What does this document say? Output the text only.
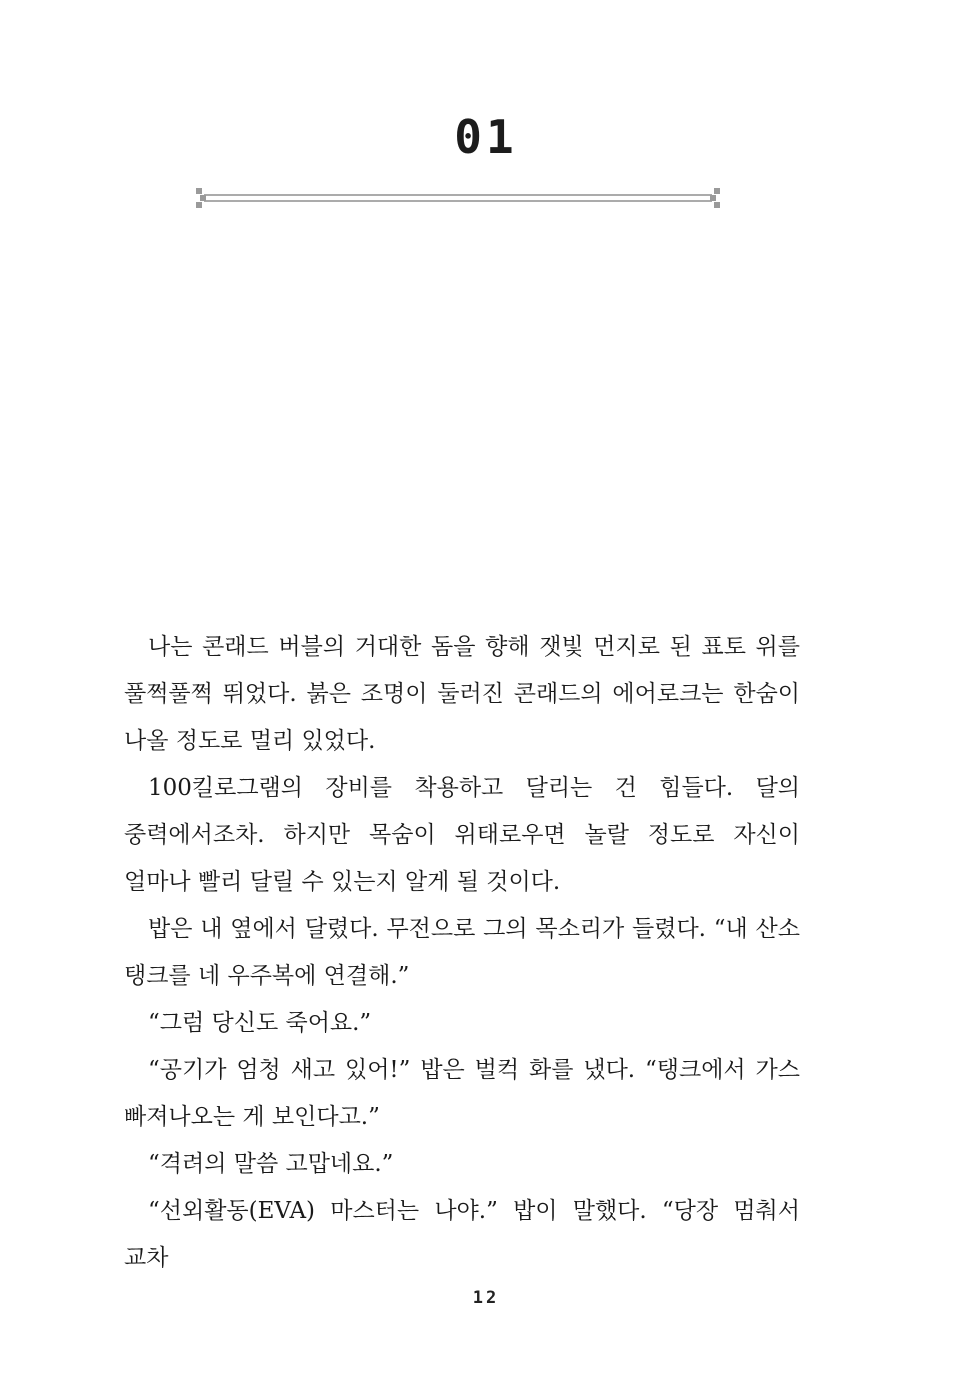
01

나는 콘래드 버블의 거대한 돔을 향해 잿빛 먼지로 된 표토 위를 풀쩍풀쩍 뛰었다. 붉은 조명이 둘러진 콘래드의 에어로크는 한숨이 나올 정도로 멀리 있었다.

100킬로그램의 장비를 착용하고 달리는 건 힘들다. 달의 중력에서조차. 하지만 목숨이 위태로우면 놀랄 정도로 자신이 얼마나 빨리 달릴 수 있는지 알게 될 것이다.

밥은 내 옆에서 달렸다. 무전으로 그의 목소리가 들렸다. “내 산소 탱크를 네 우주복에 연결해.”

“그럼 당신도 죽어요.”

“공기가 엄청 새고 있어!” 밥은 벌컥 화를 냈다. “탱크에서 가스 빠져나오는 게 보인다고.”

“격려의 말씀 고맙네요.”

“선외활동(EVA) 마스터는 나야.” 밥이 말했다. “당장 멈춰서 교차

12
